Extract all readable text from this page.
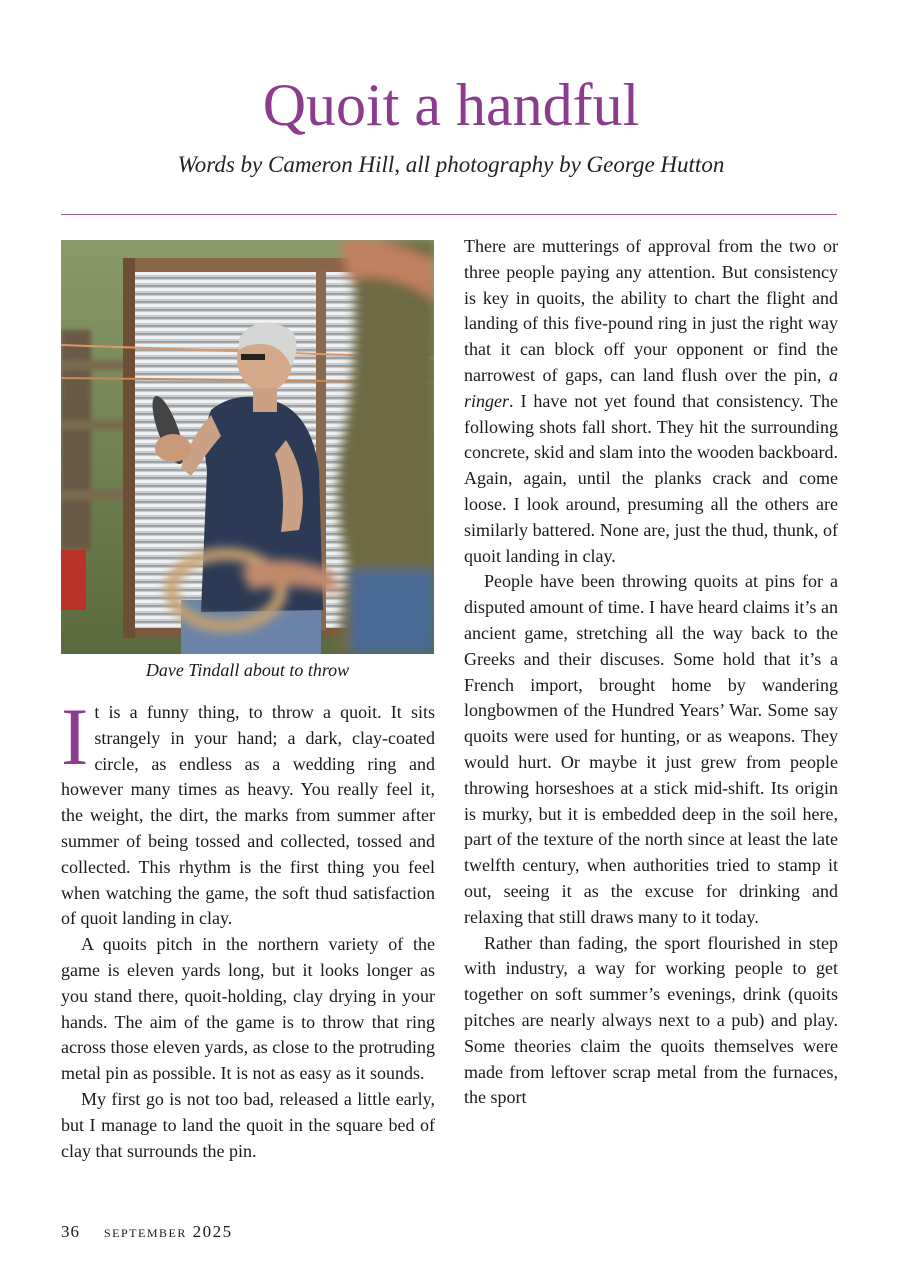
Quoit a handful
Words by Cameron Hill, all photography by George Hutton
Dave Tindall about to throw

It is a funny thing, to throw a quoit. It sits strangely in your hand; a dark, clay-coated circle, as endless as a wedding ring and however many times as heavy. You really feel it, the weight, the dirt, the marks from summer after summer of being tossed and collected, tossed and collected. This rhythm is the first thing you feel when watching the game, the soft thud satisfaction of quoit landing in clay.

A quoits pitch in the northern variety of the game is eleven yards long, but it looks longer as you stand there, quoit-holding, clay drying in your hands. The aim of the game is to throw that ring across those eleven yards, as close to the protruding metal pin as possible. It is not as easy as it sounds.

My first go is not too bad, released a little early, but I manage to land the quoit in the square bed of clay that surrounds the pin.

There are mutterings of approval from the two or three people paying any attention. But consistency is key in quoits, the ability to chart the flight and landing of this five-pound ring in just the right way that it can block off your opponent or find the narrowest of gaps, can land flush over the pin, a ringer. I have not yet found that consistency. The following shots fall short. They hit the surrounding concrete, skid and slam into the wooden backboard. Again, again, until the planks crack and come loose. I look around, presuming all the others are similarly battered. None are, just the thud, thunk, of quoit landing in clay.

People have been throwing quoits at pins for a disputed amount of time. I have heard claims it’s an ancient game, stretching all the way back to the Greeks and their discuses. Some hold that it’s a French import, brought home by wandering longbowmen of the Hundred Years’ War. Some say quoits were used for hunting, or as weapons. They would hurt. Or maybe it just grew from people throwing horseshoes at a stick mid-shift. Its origin is murky, but it is embedded deep in the soil here, part of the texture of the north since at least the late twelfth century, when authorities tried to stamp it out, seeing it as the excuse for drinking and relaxing that still draws many to it today.

Rather than fading, the sport flourished in step with industry, a way for working people to get together on soft summer’s evenings, drink (quoits pitches are nearly always next to a pub) and play. Some theories claim the quoits themselves were made from leftover scrap metal from the furnaces, the sport

36 september 2025
